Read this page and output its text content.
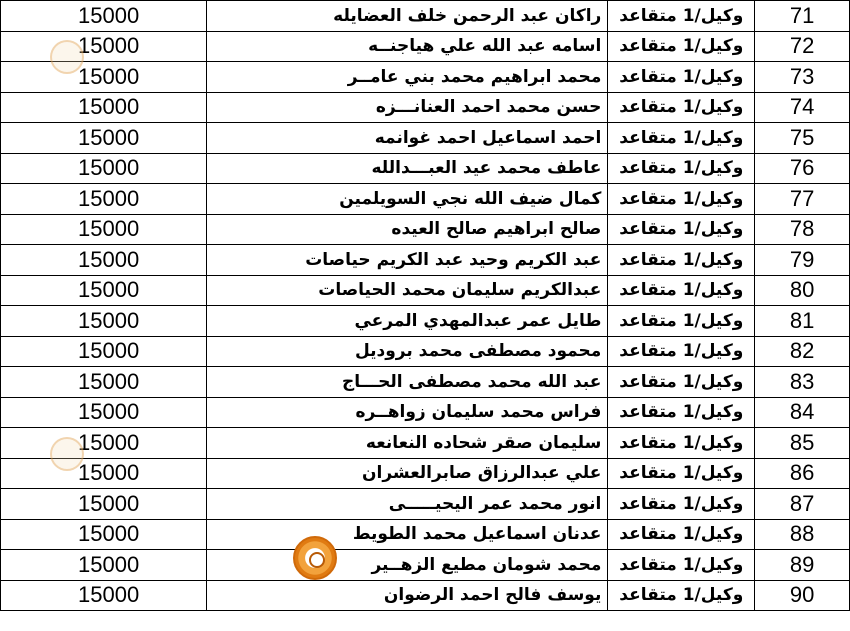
15000	راكان عبد الرحمن خلف العضايله	وكيل/1 متقاعد	71
15000	اسامه عبد الله علي هياجنــه	وكيل/1 متقاعد	72
15000	محمد ابراهيم محمد بني عامــر	وكيل/1 متقاعد	73
15000	حسن محمد احمد العنانـــزه	وكيل/1 متقاعد	74
15000	احمد اسماعيل احمد غوانمه	وكيل/1 متقاعد	75
15000	عاطف محمد عيد العبـــدالله	وكيل/1 متقاعد	76
15000	كمال ضيف الله نجي السويلمين	وكيل/1 متقاعد	77
15000	صالح ابراهيم صالح العيده	وكيل/1 متقاعد	78
15000	عبد الكريم وحيد عبد الكريم حياصات	وكيل/1 متقاعد	79
15000	عبدالكريم سليمان محمد الحياصات	وكيل/1 متقاعد	80
15000	طايل عمر عبدالمهدي المرعي	وكيل/1 متقاعد	81
15000	محمود مصطفى محمد بروديل	وكيل/1 متقاعد	82
15000	عبد الله محمد مصطفى الحـــاج	وكيل/1 متقاعد	83
15000	فراس محمد سليمان زواهــره	وكيل/1 متقاعد	84
15000	سليمان صقر شحاده النعانعه	وكيل/1 متقاعد	85
15000	علي عبدالرزاق صابرالعشران	وكيل/1 متقاعد	86
15000	انور محمد عمر اليحيـــــى	وكيل/1 متقاعد	87
15000	عدنان اسماعيل محمد الطويط	وكيل/1 متقاعد	88
15000	محمد شومان مطيع الزهــير	وكيل/1 متقاعد	89
15000	يوسف فالح احمد الرضوان	وكيل/1 متقاعد	90
